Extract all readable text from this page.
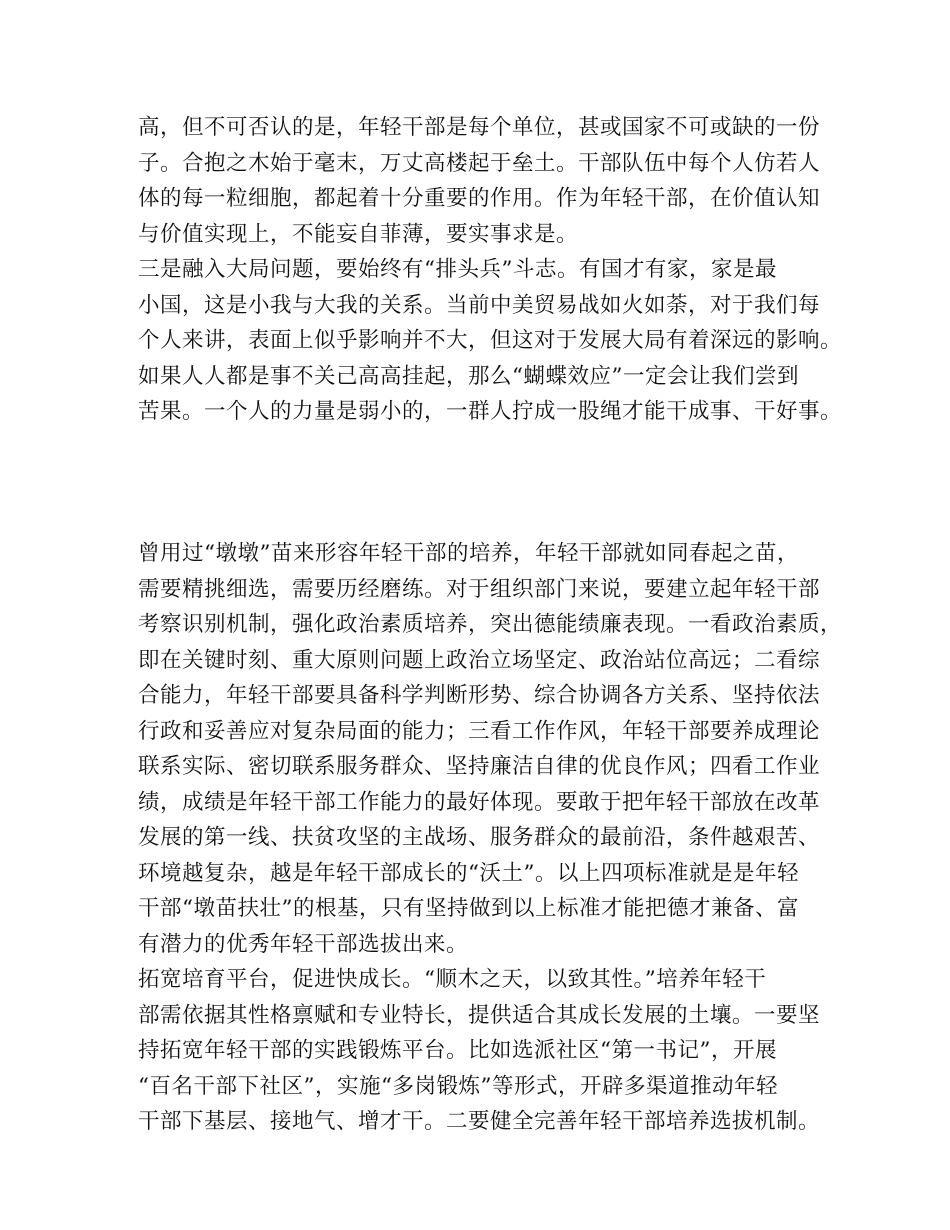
高，但不可否认的是，年轻干部是每个单位，甚或国家不可或缺的一份
子。合抱之木始于毫末，万丈高楼起于垒土。干部队伍中每个人仿若人
体的每一粒细胞，都起着十分重要的作用。作为年轻干部，在价值认知
与价值实现上，不能妄自菲薄，要实事求是。
三是融入大局问题，要始终有“排头兵”斗志。有国才有家，家是最
小国，这是小我与大我的关系。当前中美贸易战如火如荼，对于我们每
个人来讲，表面上似乎影响并不大，但这对于发展大局有着深远的影响。
如果人人都是事不关己高高挂起，那么“蝴蝶效应”一定会让我们尝到
苦果。一个人的力量是弱小的，一群人拧成一股绳才能干成事、干好事。
曾用过“墩墩”苗来形容年轻干部的培养，年轻干部就如同春起之苗，
需要精挑细选，需要历经磨练。对于组织部门来说，要建立起年轻干部
考察识别机制，强化政治素质培养，突出德能绩廉表现。一看政治素质，
即在关键时刻、重大原则问题上政治立场坚定、政治站位高远；二看综
合能力，年轻干部要具备科学判断形势、综合协调各方关系、坚持依法
行政和妥善应对复杂局面的能力；三看工作作风，年轻干部要养成理论
联系实际、密切联系服务群众、坚持廉洁自律的优良作风；四看工作业
绩，成绩是年轻干部工作能力的最好体现。要敢于把年轻干部放在改革
发展的第一线、扶贫攻坚的主战场、服务群众的最前沿，条件越艰苦、
环境越复杂，越是年轻干部成长的“沃土”。以上四项标准就是是年轻
干部“墩苗扶壮”的根基，只有坚持做到以上标准才能把德才兼备、富
有潜力的优秀年轻干部选拔出来。
拓宽培育平台，促进快成长。“顺木之天，以致其性。”培养年轻干
部需依据其性格禀赋和专业特长，提供适合其成长发展的土壤。一要坚
持拓宽年轻干部的实践锻炼平台。比如选派社区“第一书记”，开展
“百名干部下社区”，实施“多岗锻炼”等形式，开辟多渠道推动年轻
干部下基层、接地气、增才干。二要健全完善年轻干部培养选拔机制。
